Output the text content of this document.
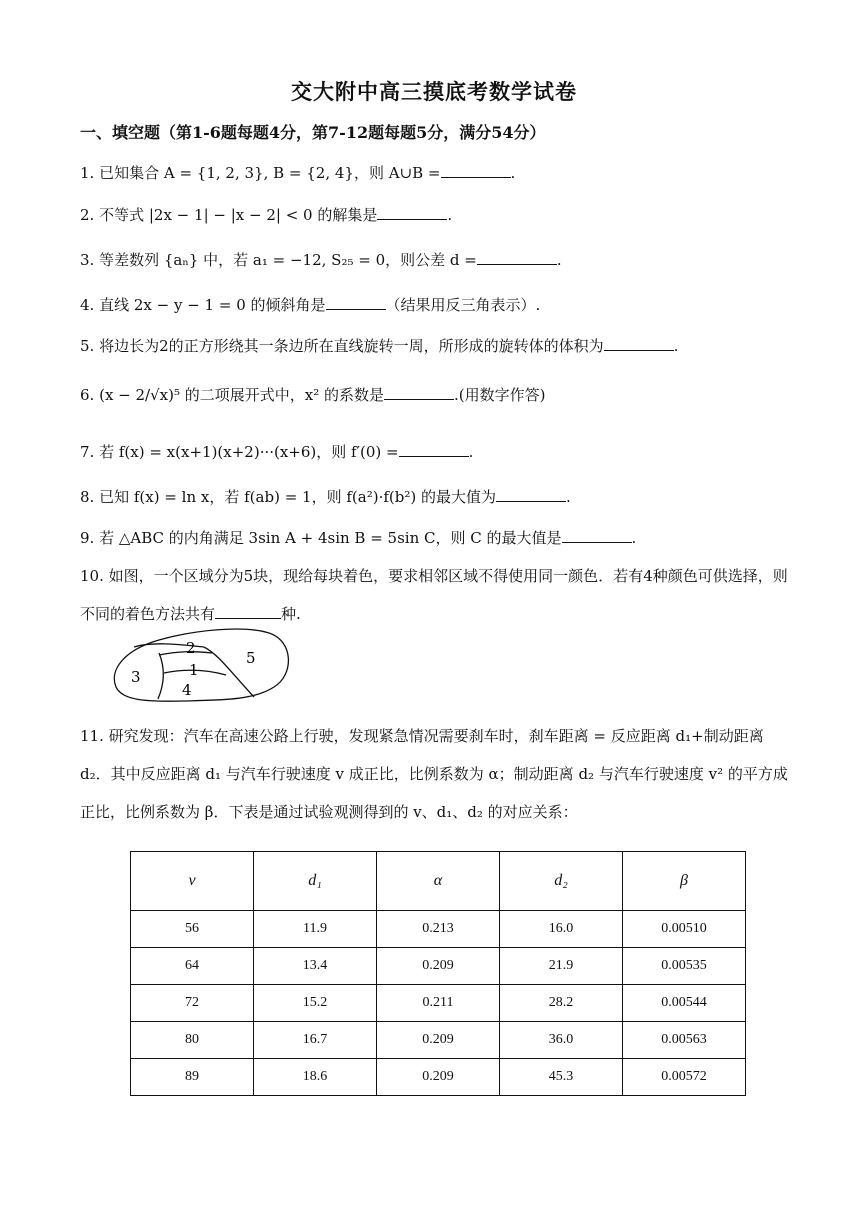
交大附中高三摸底考数学试卷
一、填空题（第1-6题每题4分，第7-12题每题5分，满分54分）
1. 已知集合 A = {1, 2, 3}, B = {2, 4}，则 A∪B =	.
2. 不等式 |2x − 1| − |x − 2| < 0 的解集是	.
3. 等差数列 {aₙ} 中，若 a₁ = −12, S₂₅ = 0，则公差 d =	.
4. 直线 2x − y − 1 = 0 的倾斜角是	（结果用反三角表示）.
5. 将边长为2的正方形绕其一条边所在直线旋转一周，所形成的旋转体的体积为	.
6. (x − 2/√x)⁵ 的二项展开式中，x² 的系数是	.(用数字作答)
7. 若 f(x) = x(x+1)(x+2)···(x+6)，则 f′(0) =	.
8. 已知 f(x) = ln x，若 f(ab) = 1，则 f(a²)·f(b²) 的最大值为	.
9. 若 △ABC 的内角满足 3sin A + 4sin B = 5sin C，则 C 的最大值是	.
10. 如图，一个区域分为5块，现给每块着色，要求相邻区域不得使用同一颜色．若有4种颜色可供选择，则不同的着色方法共有	种.
2
1
5
3
4
11. 研究发现：汽车在高速公路上行驶，发现紧急情况需要刹车时，刹车距离 = 反应距离 d₁+制动距离 d₂．其中反应距离 d₁ 与汽车行驶速度 v 成正比，比例系数为 α；制动距离 d₂ 与汽车行驶速度 v² 的平方成正比，比例系数为 β．下表是通过试验观测得到的 v、d₁、d₂ 的对应关系：
v	d₁	α	d₂	β
56	11.9	0.213	16.0	0.00510
64	13.4	0.209	21.9	0.00535
72	15.2	0.211	28.2	0.00544
80	16.7	0.209	36.0	0.00563
89	18.6	0.209	45.3	0.00572
